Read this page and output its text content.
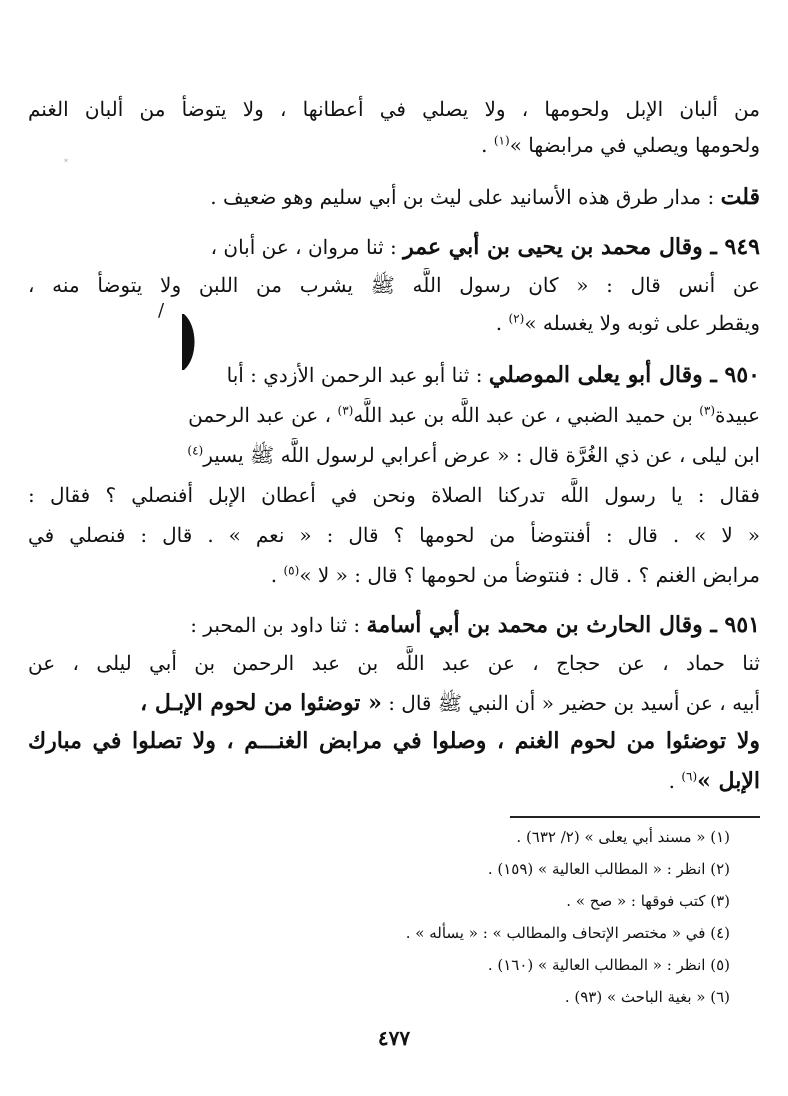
من ألبان الإبل ولحومها ، ولا يصلي في أعطانها ، ولا يتوضأ من ألبان الغنم
ولحومها ويصلي في مرابضها »$^{(١)}$ .
قلت : مدار طرق هذه الأسانيد على ليث بن أبي سليم وهو ضعيف .
٩٤٩ ـ وقال محمد بن يحيى بن أبي عمر : ثنا مروان ، عن أبان ،
عن أنس قال : « كان رسول اللَّه ﷺ يشرب من اللبن ولا يتوضأ منه ،
ويقطر على ثوبه ولا يغسله »$^{(٢)}$ .
٩٥٠ ـ وقال أبو يعلى الموصلي : ثنا أبو عبد الرحمن الأزدي : أبا
عبيدة$^{(٣)}$ بن حميد الضبي ، عن عبد اللَّه بن عبد اللَّه$^{(٣)}$ ، عن عبد الرحمن
ابن ليلى ، عن ذي الغُرَّة قال : « عرض أعرابي لرسول اللَّه ﷺ يسير$^{(٤)}$
فقال : يا رسول اللَّه تدركنا الصلاة ونحن في أعطان الإبل أفنصلي ؟ فقال :
« لا » . قال : أفنتوضأ من لحومها ؟ قال : « نعم » . قال : فنصلي في
مرابض الغنم ؟ . قال : فنتوضأ من لحومها ؟ قال : « لا »$^{(٥)}$ .
٩٥١ ـ وقال الحارث بن محمد بن أبي أسامة : ثنا داود بن المحبر :
ثنا حماد ، عن حجاج ، عن عبد اللَّه بن عبد الرحمن بن أبي ليلى ، عن
أبيه ، عن أسيد بن حضير « أن النبي ﷺ قال : « توضئوا من لحوم الإبـل ،
ولا توضئوا من لحوم الغنم ، وصلوا في مرابض الغنـــم ، ولا تصلوا في مبارك
الإبل »$^{(٦)}$ .
(١) « مسند أبي يعلى » (٢/ ٦٣٢) .
(٢) انظر : « المطالب العالية » (١٥٩) .
(٣) كتب فوقها : « صح » .
(٤) في « مختصر الإتحاف والمطالب » : « يسأله » .
(٥) انظر : « المطالب العالية » (١٦٠) .
(٦) « بغية الباحث » (٩٣) .
٤٧٧
/
*
